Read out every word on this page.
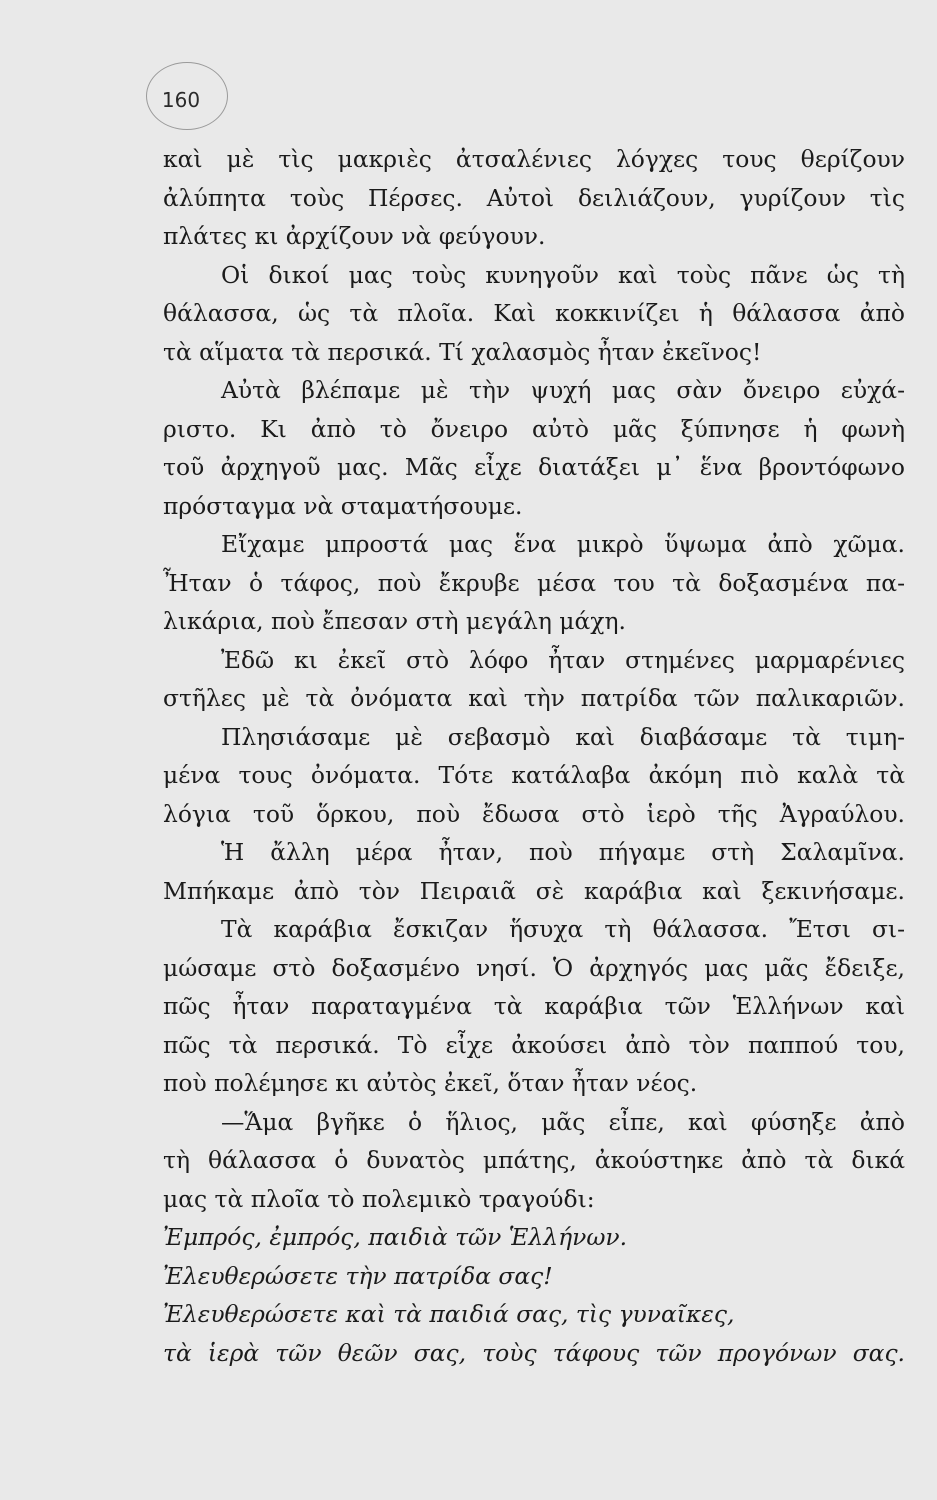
160
καὶ μὲ τὶς μακριὲς ἀτσαλένιες λόγχες τους θερίζουν
ἀλύπητα τοὺς Πέρσες. Αὐτοὶ δειλιάζουν, γυρίζουν τὶς
πλάτες κι ἀρχίζουν νὰ φεύγουν.
Οἱ δικοί μας τοὺς κυνηγοῦν καὶ τοὺς πᾶνε ὡς τὴ
θάλασσα, ὡς τὰ πλοῖα. Καὶ κοκκινίζει ἡ θάλασσα ἀπὸ
τὰ αἵματα τὰ περσικά. Τί χαλασμὸς ἦταν ἐκεῖνος!
Αὐτὰ βλέπαμε μὲ τὴν ψυχή μας σὰν ὄνειρο εὐχά-
ριστο. Κι ἀπὸ τὸ ὄνειρο αὐτὸ μᾶς ξύπνησε ἡ φωνὴ
τοῦ ἀρχηγοῦ μας. Μᾶς εἶχε διατάξει μ᾿ ἕνα βροντόφωνο
πρόσταγμα νὰ σταματήσουμε.
Εἴχαμε μπροστά μας ἕνα μικρὸ ὕψωμα ἀπὸ χῶμα.
Ἦταν ὁ τάφος, ποὺ ἔκρυβε μέσα του τὰ δοξασμένα πα-
λικάρια, ποὺ ἔπεσαν στὴ μεγάλη μάχη.
Ἐδῶ κι ἐκεῖ στὸ λόφο ἦταν στημένες μαρμαρένιες
στῆλες μὲ τὰ ὀνόματα καὶ τὴν πατρίδα τῶν παλικαριῶν.
Πλησιάσαμε μὲ σεβασμὸ καὶ διαβάσαμε τὰ τιμη-
μένα τους ὀνόματα. Τότε κατάλαβα ἀκόμη πιὸ καλὰ τὰ
λόγια τοῦ ὅρκου, ποὺ ἔδωσα στὸ ἱερὸ τῆς Ἀγραύλου.
Ἡ ἄλλη μέρα ἦταν, ποὺ πήγαμε στὴ Σαλαμῖνα.
Μπήκαμε ἀπὸ τὸν Πειραιᾶ σὲ καράβια καὶ ξεκινήσαμε.
Τὰ καράβια ἔσκιζαν ἥσυχα τὴ θάλασσα. Ἔτσι σι-
μώσαμε στὸ δοξασμένο νησί. Ὁ ἀρχηγός μας μᾶς ἔδειξε,
πῶς ἦταν παραταγμένα τὰ καράβια τῶν Ἑλλήνων καὶ
πῶς τὰ περσικά. Τὸ εἶχε ἀκούσει ἀπὸ τὸν παππού του,
ποὺ πολέμησε κι αὐτὸς ἐκεῖ, ὅταν ἦταν νέος.
—Ἅμα βγῆκε ὁ ἥλιος, μᾶς εἶπε, καὶ φύσηξε ἀπὸ
τὴ θάλασσα ὁ δυνατὸς μπάτης, ἀκούστηκε ἀπὸ τὰ δικά
μας τὰ πλοῖα τὸ πολεμικὸ τραγούδι:
Ἐμπρός, ἐμπρός, παιδιὰ τῶν Ἑλλήνων.
Ἐλευθερώσετε τὴν πατρίδα σας!
Ἐλευθερώσετε καὶ τὰ παιδιά σας, τὶς γυναῖκες,
τὰ ἱερὰ τῶν θεῶν σας, τοὺς τάφους τῶν προγόνων σας.
